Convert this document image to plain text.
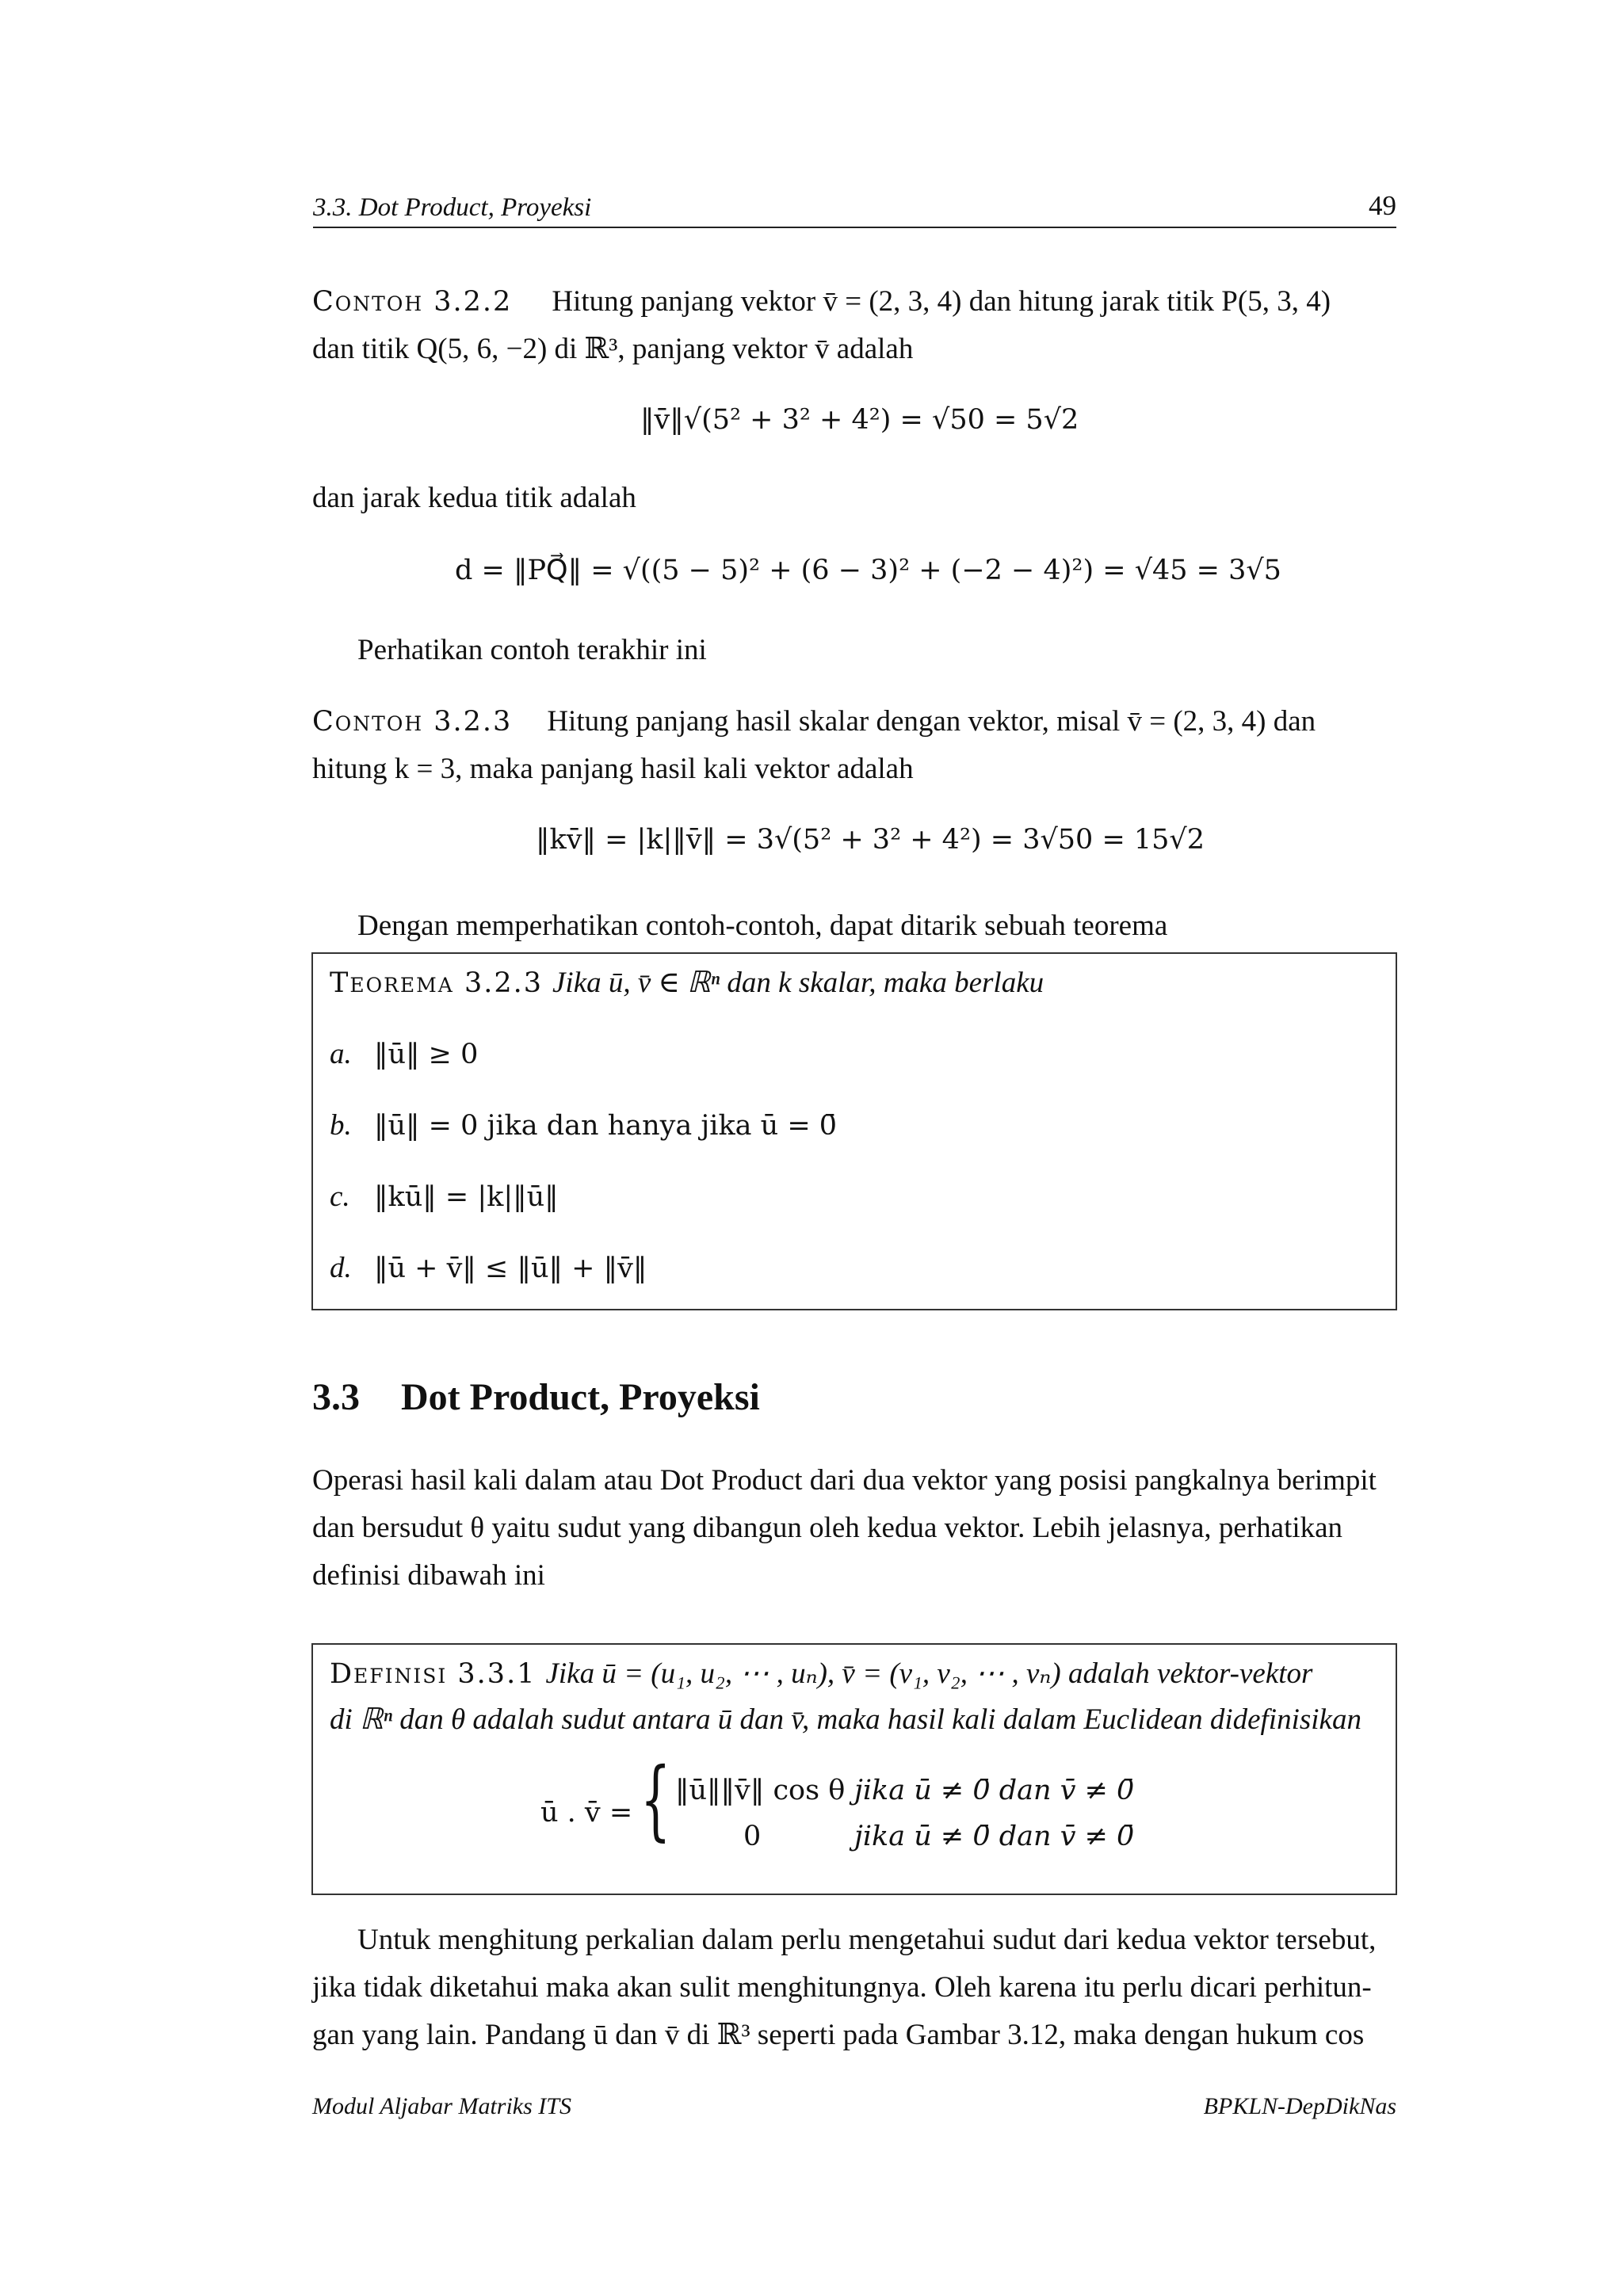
3.3. Dot Product, Proyeksi	49
Contoh 3.2.2 Hitung panjang vektor v̄ = (2, 3, 4) dan hitung jarak titik P(5, 3, 4)
dan titik Q(5, 6, −2) di ℝ³, panjang vektor v̄ adalah
‖v̄‖√(5² + 3² + 4²) = √50 = 5√2
dan jarak kedua titik adalah
d = ‖PQ⃗‖ = √((5 − 5)² + (6 − 3)² + (−2 − 4)²) = √45 = 3√5
Perhatikan contoh terakhir ini
Contoh 3.2.3 Hitung panjang hasil skalar dengan vektor, misal v̄ = (2, 3, 4) dan
hitung k = 3, maka panjang hasil kali vektor adalah
‖kv̄‖ = |k|‖v̄‖ = 3√(5² + 3² + 4²) = 3√50 = 15√2
Dengan memperhatikan contoh-contoh, dapat ditarik sebuah teorema
Teorema 3.2.3 Jika ū, v̄ ∈ ℝⁿ dan k skalar, maka berlaku
a. ‖ū‖ ≥ 0
b. ‖ū‖ = 0 jika dan hanya jika ū = 0̄
c. ‖kū‖ = |k|‖ū‖
d. ‖ū + v̄‖ ≤ ‖ū‖ + ‖v̄‖
3.3 Dot Product, Proyeksi
Operasi hasil kali dalam atau Dot Product dari dua vektor yang posisi pangkalnya berimpit
dan bersudut θ yaitu sudut yang dibangun oleh kedua vektor. Lebih jelasnya, perhatikan
definisi dibawah ini
Definisi 3.3.1 Jika ū = (u₁, u₂, ⋯ , uₙ), v̄ = (v₁, v₂, ⋯ , vₙ) adalah vektor-vektor
di ℝⁿ dan θ adalah sudut antara ū dan v̄, maka hasil kali dalam Euclidean didefinisikan
ū . v̄ = { ‖ū‖‖v̄‖ cos θ jika ū ≠ 0̄ dan v̄ ≠ 0̄
0	jika ū ≠ 0̄ dan v̄ ≠ 0̄
Untuk menghitung perkalian dalam perlu mengetahui sudut dari kedua vektor tersebut,
jika tidak diketahui maka akan sulit menghitungnya. Oleh karena itu perlu dicari perhitun-
gan yang lain. Pandang ū dan v̄ di ℝ³ seperti pada Gambar 3.12, maka dengan hukum cos
Modul Aljabar Matriks ITS	BPKLN-DepDikNas
